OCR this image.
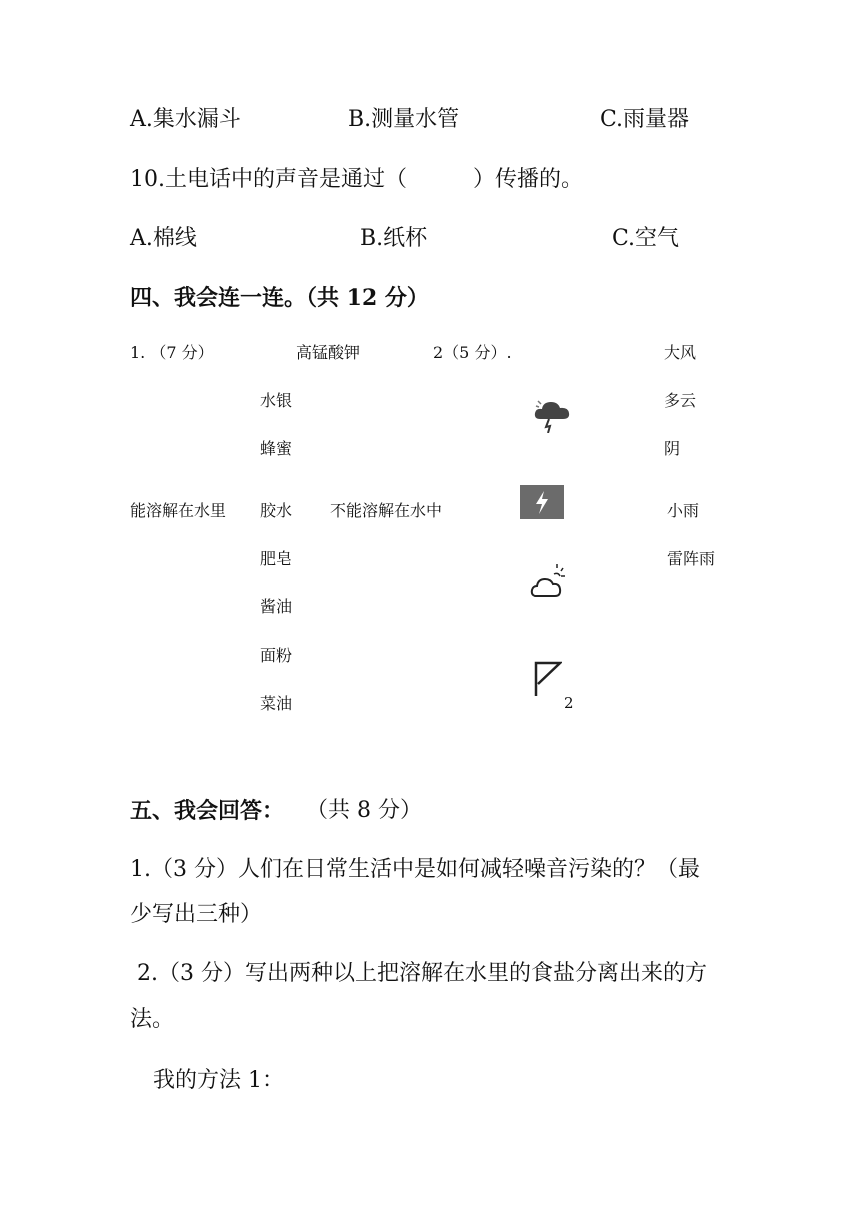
A.集水漏斗	B.测量水管	C.雨量器
10.土电话中的声音是通过（　　　）传播的。
A.棉线	B.纸杯	C.空气
四、我会连一连。（共 12 分）
1. （7 分）	高锰酸钾
水银
蜂蜜
能溶解在水里 胶水 不能溶解在水中
肥皂
酱油
面粉
菜油
2（5 分）.	大风
多云
阴
小雨
雷阵雨
2
五、我会回答： （共 8 分）
1.（3 分）人们在日常生活中是如何减轻噪音污染的？（最
少写出三种）
2.（3 分）写出两种以上把溶解在水里的食盐分离出来的方
法。
我的方法 1：
